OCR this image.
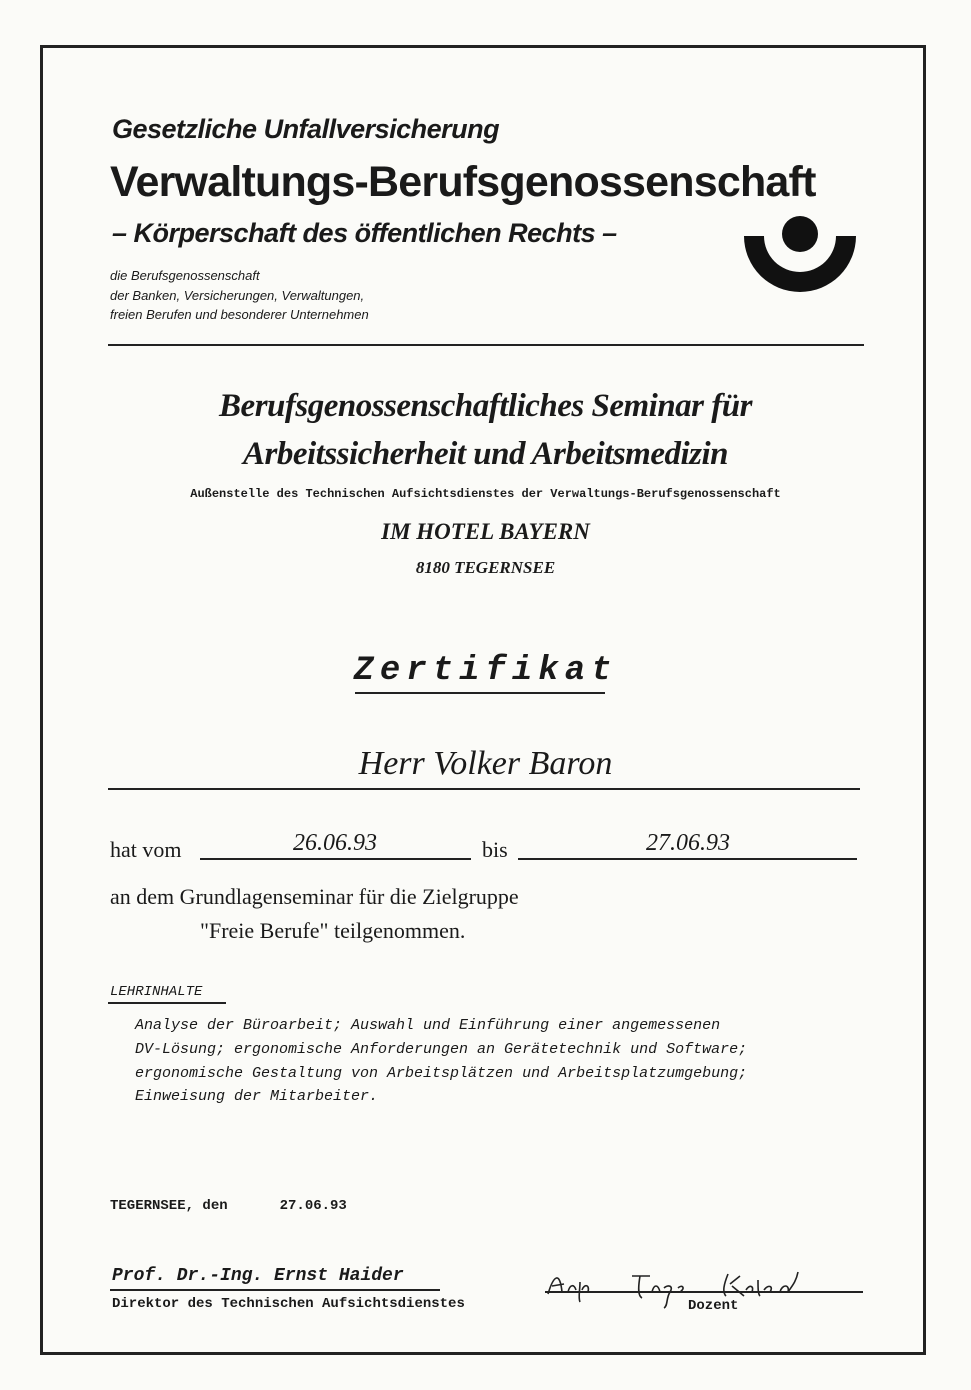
Gesetzliche Unfallversicherung
Verwaltungs-Berufsgenossenschaft
– Körperschaft des öffentlichen Rechts –
die Berufsgenossenschaft
der Banken, Versicherungen, Verwaltungen,
freien Berufen und besonderer Unternehmen
Berufsgenossenschaftliches Seminar für
Arbeitssicherheit und Arbeitsmedizin
Außenstelle des Technischen Aufsichtsdienstes der Verwaltungs-Berufsgenossenschaft
IM HOTEL BAYERN
8180 TEGERNSEE
Zertifikat
Herr Volker Baron
hat vom	26.06.93	bis	27.06.93
an dem Grundlagenseminar für die Zielgruppe
"Freie Berufe" teilgenommen.
LEHRINHALTE
Analyse der Büroarbeit; Auswahl und Einführung einer angemessenen
DV-Lösung; ergonomische Anforderungen an Gerätetechnik und Software;
ergonomische Gestaltung von Arbeitsplätzen und Arbeitsplatzumgebung;
Einweisung der Mitarbeiter.
TEGERNSEE, den	27.06.93
Prof. Dr.-Ing. Ernst Haider
Direktor des Technischen Aufsichtsdienstes	Dozent
